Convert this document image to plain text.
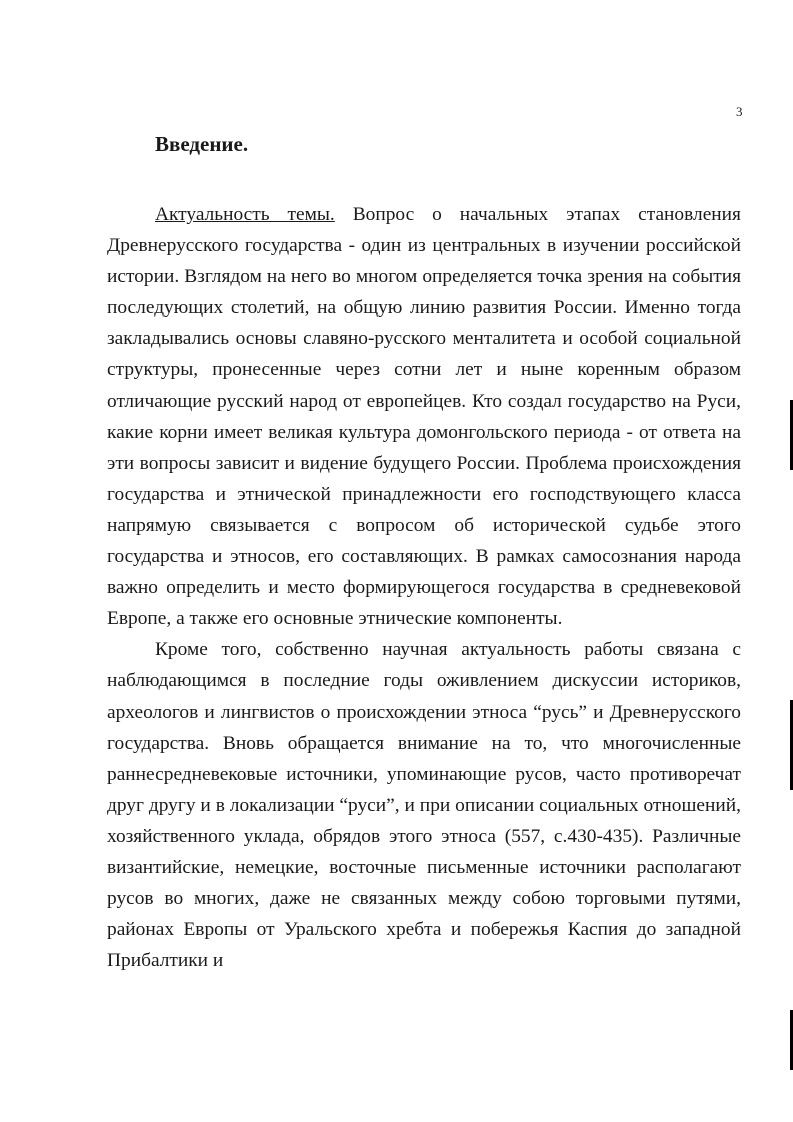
3
Введение.

Актуальность темы. Вопрос о начальных этапах становления Древнерусского государства - один из центральных в изучении российской истории. Взглядом на него во многом определяется точка зрения на события последующих столетий, на общую линию развития России. Именно тогда закладывались основы славяно-русского менталитета и особой социальной структуры, пронесенные через сотни лет и ныне коренным образом отличающие русский народ от европейцев. Кто создал государство на Руси, какие корни имеет великая культура домонгольского периода - от ответа на эти вопросы зависит и видение будущего России. Проблема происхождения государства и этнической принадлежности его господствующего класса напрямую связывается с вопросом об исторической судьбе этого государства и этносов, его составляющих. В рамках самосознания народа важно определить и место формирующегося государства в средневековой Европе, а также его основные этнические компоненты.

Кроме того, собственно научная актуальность работы связана с наблюдающимся в последние годы оживлением дискуссии историков, археологов и лингвистов о происхождении этноса “русь” и Древнерусского государства. Вновь обращается внимание на то, что многочисленные раннесредневековые источники, упоминающие русов, часто противоречат друг другу и в локализации “руси”, и при описании социальных отношений, хозяйственного уклада, обрядов этого этноса (557, с.430-435). Различные византийские, немецкие, восточные письменные источники располагают русов во многих, даже не связанных между собою торговыми путями, районах Европы от Уральского хребта и побережья Каспия до западной Прибалтики и
